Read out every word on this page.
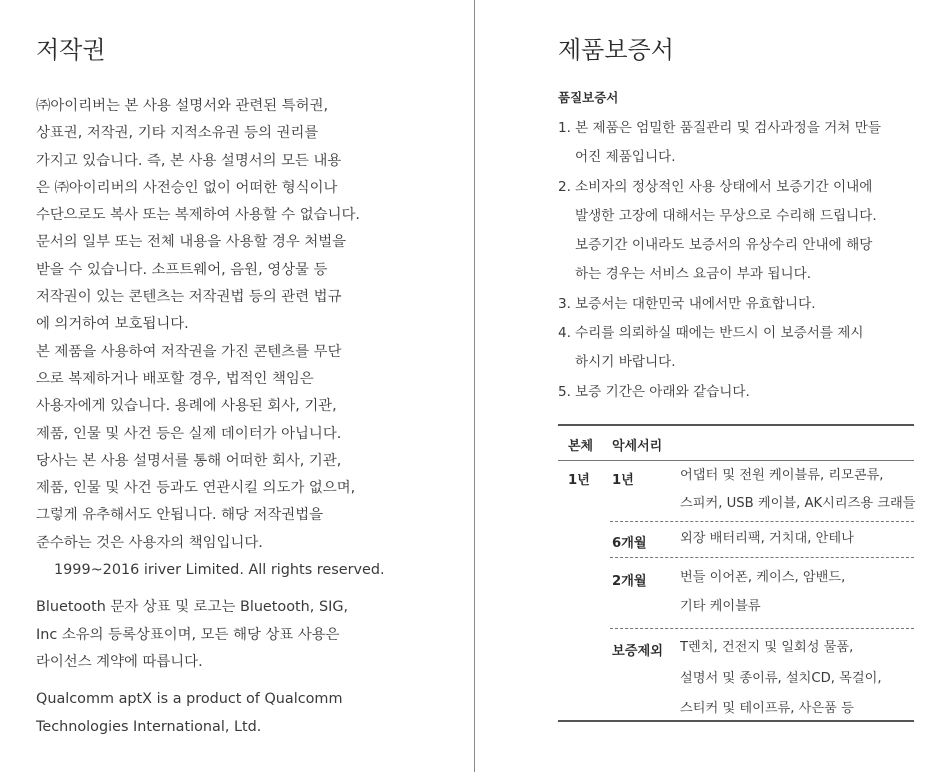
저작권

㈜아이리버는 본 사용 설명서와 관련된 특허권,

상표권, 저작권, 기타 지적소유권 등의 권리를

가지고 있습니다. 즉, 본 사용 설명서의 모든 내용

은 ㈜아이리버의 사전승인 없이 어떠한 형식이나

수단으로도 복사 또는 복제하여 사용할 수 없습니다.

문서의 일부 또는 전체 내용을 사용할 경우 처벌을

받을 수 있습니다. 소프트웨어, 음원, 영상물 등

저작권이 있는 콘텐츠는 저작권법 등의 관련 법규

에 의거하여 보호됩니다.

본 제품을 사용하여 저작권을 가진 콘텐츠를 무단

으로 복제하거나 배포할 경우, 법적인 책임은

사용자에게 있습니다. 용례에 사용된 회사, 기관,

제품, 인물 및 사건 등은 실제 데이터가 아닙니다.

당사는 본 사용 설명서를 통해 어떠한 회사, 기관,

제품, 인물 및 사건 등과도 연관시킬 의도가 없으며,

그렇게 유추해서도 안됩니다. 해당 저작권법을

준수하는 것은 사용자의 책임입니다.

1999~2016 iriver Limited. All rights reserved.

Bluetooth 문자 상표 및 로고는 Bluetooth, SIG,

Inc 소유의 등록상표이며, 모든 해당 상표 사용은

라이선스 계약에 따릅니다.

Qualcomm aptX is a product of Qualcomm

Technologies International, Ltd.

제품보증서
품질보증서
1. 본 제품은 엄밀한 품질관리 및 검사과정을 거쳐 만들
어진 제품입니다.
2. 소비자의 정상적인 사용 상태에서 보증기간 이내에
발생한 고장에 대해서는 무상으로 수리해 드립니다.
보증기간 이내라도 보증서의 유상수리 안내에 해당
하는 경우는 서비스 요금이 부과 됩니다.
3. 보증서는 대한민국 내에서만 유효합니다.
4. 수리를 의뢰하실 때에는 반드시 이 보증서를 제시
하시기 바랍니다.
5. 보증 기간은 아래와 같습니다.
본체 악세서리
1년 1년	어댑터 및 전원 케이블류, 리모콘류,
스피커, USB 케이블, AK시리즈용 크래들
6개월	외장 배터리팩, 거치대, 안테나
2개월	번들 이어폰, 케이스, 암밴드,
기타 케이블류
보증제외 T렌치, 건전지 및 일회성 물품,
설명서 및 종이류, 설치CD, 목걸이,
스티커 및 테이프류, 사은품 등
